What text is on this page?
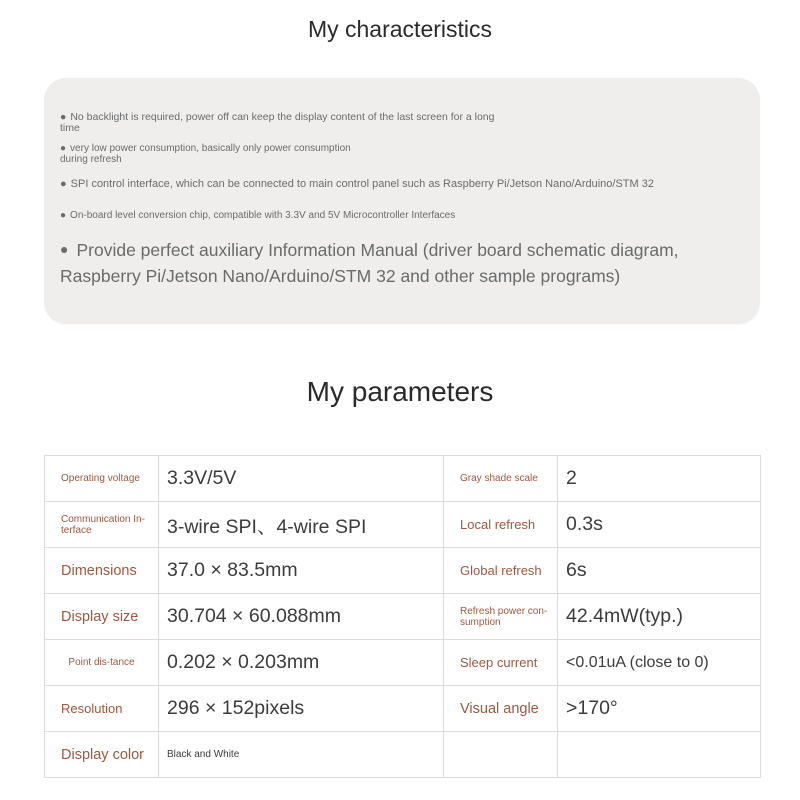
My characteristics
● No backlight is required, power off can keep the display content of the last screen for a long time
● very low power consumption, basically only power consumption during refresh
● SPI control interface, which can be connected to main control panel such as Raspberry Pi/Jetson Nano/Arduino/STM 32
● On-board level conversion chip, compatible with 3.3V and 5V Microcontroller Interfaces
● Provide perfect auxiliary Information Manual (driver board schematic diagram, Raspberry Pi/Jetson Nano/Arduino/STM 32 and other sample programs)
My parameters
Operating voltage	3.3V/5V	Gray shade scale	2
Communication In-terface	3-wire SPI、4-wire SPI	Local refresh	0.3s
Dimensions	37.0 × 83.5mm	Global refresh	6s
Display size	30.704 × 60.088mm	Refresh power con-sumption	42.4mW(typ.)
Point dis-tance	0.202 × 0.203mm	Sleep current	<0.01uA (close to 0)
Resolution	296 × 152pixels	Visual angle	>170°
Display color	Black and White		
